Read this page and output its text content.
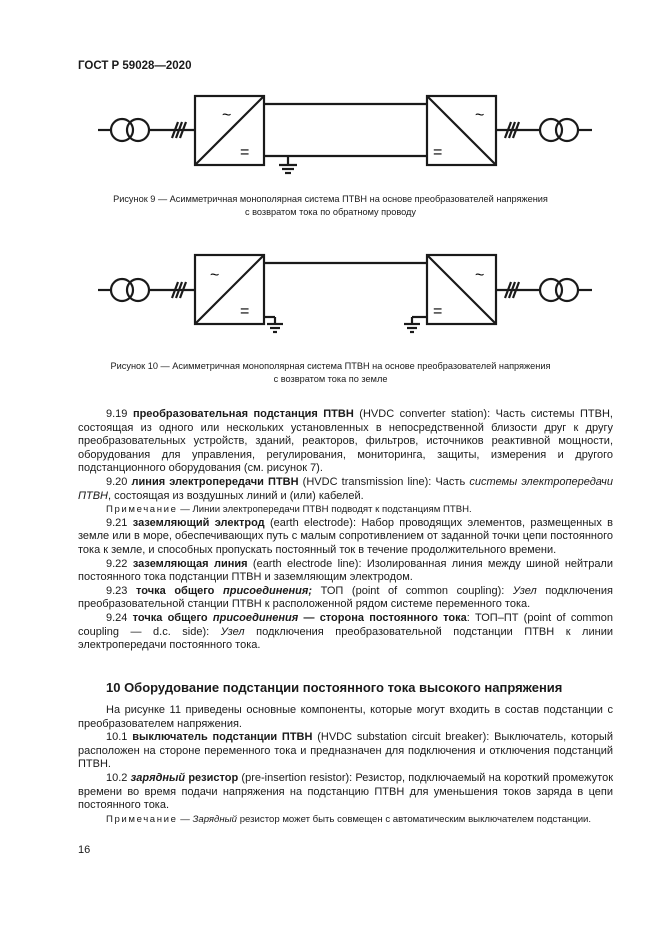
ГОСТ Р 59028—2020
~
=
~
=
Рисунок 9 — Асимметричная монополярная система ПТВН на основе преобразователей напряжения
с возвратом тока по обратному проводу
~
=
~
=
Рисунок 10 — Асимметричная монополярная система ПТВН на основе преобразователей напряжения
с возвратом тока по земле

9.19 преобразовательная подстанция ПТВН (HVDC converter station): Часть системы ПТВН, состоящая из одного или нескольких установленных в непосредственной близости друг к другу преобразовательных устройств, зданий, реакторов, фильтров, источников реактивной мощности, оборудования для управления, регулирования, мониторинга, защиты, измерения и другого подстанционного оборудования (см. рисунок 7).

9.20 линия электропередачи ПТВН (HVDC transmission line): Часть системы электропередачи ПТВН, состоящая из воздушных линий и (или) кабелей.

Примечание — Линии электропередачи ПТВН подводят к подстанциям ПТВН.

9.21 заземляющий электрод (earth electrode): Набор проводящих элементов, размещенных в земле или в море, обеспечивающих путь с малым сопротивлением от заданной точки цепи постоянного тока к земле, и способных пропускать постоянный ток в течение продолжительного времени.

9.22 заземляющая линия (earth electrode line): Изолированная линия между шиной нейтрали постоянного тока подстанции ПТВН и заземляющим электродом.

9.23 точка общего присоединения; ТОП (point of common coupling): Узел подключения преобразовательной станции ПТВН к расположенной рядом системе переменного тока.

9.24 точка общего присоединения — сторона постоянного тока: ТОП–ПТ (point of common coupling — d.c. side): Узел подключения преобразовательной подстанции ПТВН к линии электропередачи постоянного тока.

10 Оборудование подстанции постоянного тока высокого напряжения

На рисунке 11 приведены основные компоненты, которые могут входить в состав подстанции с преобразователем напряжения.

10.1 выключатель подстанции ПТВН (HVDC substation circuit breaker): Выключатель, который расположен на стороне переменного тока и предназначен для подключения и отключения подстанций ПТВН.

10.2 зарядный резистор (pre-insertion resistor): Резистор, подключаемый на короткий промежуток времени во время подачи напряжения на подстанцию ПТВН для уменьшения токов заряда в цепи постоянного тока.

Примечание — Зарядный резистор может быть совмещен с автоматическим выключателем подстанции.

16
